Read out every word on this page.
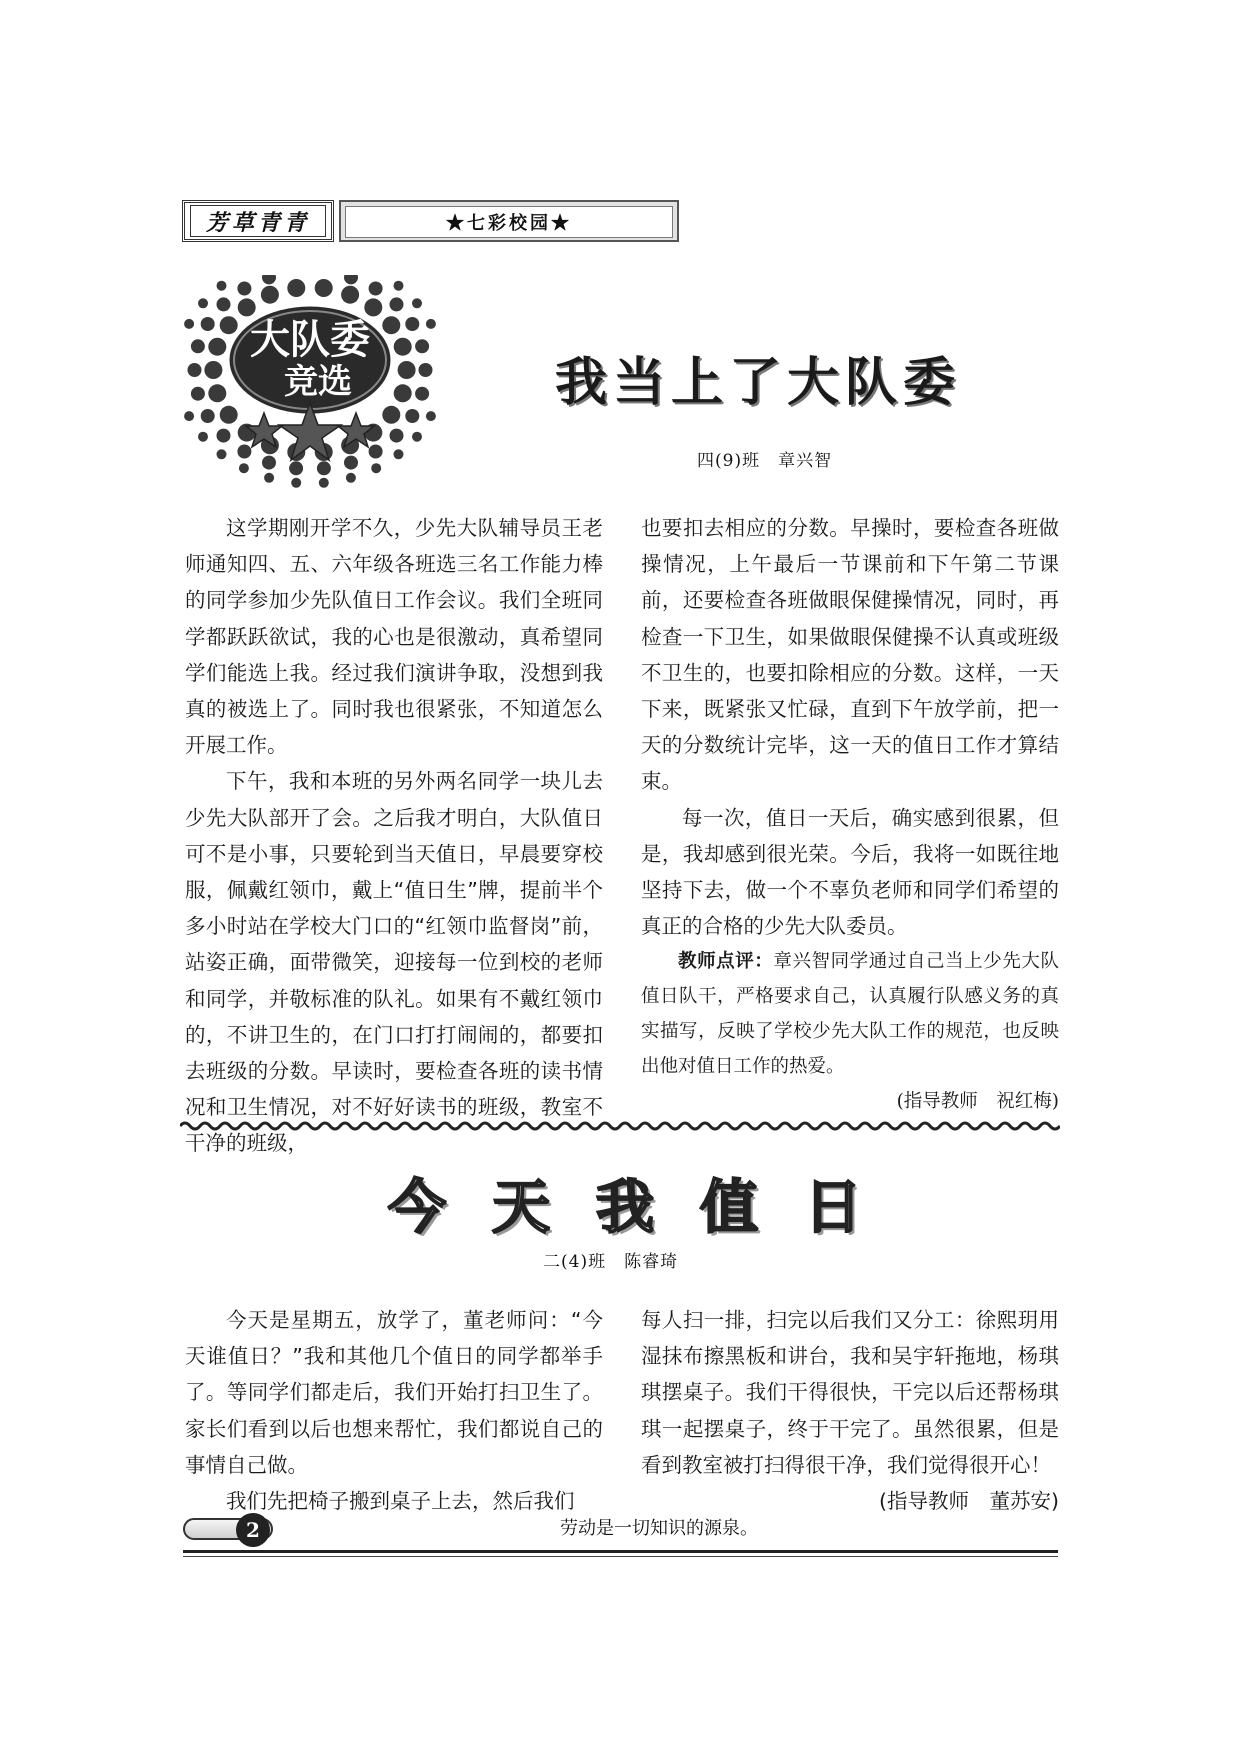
芳草青青	★七彩校园★
大队委
竞选	我当上了大队委
四(9)班　章兴智

这学期刚开学不久，少先大队辅导员王老师通知四、五、六年级各班选三名工作能力棒的同学参加少先队值日工作会议。我们全班同学都跃跃欲试，我的心也是很激动，真希望同学们能选上我。经过我们演讲争取，没想到我真的被选上了。同时我也很紧张，不知道怎么开展工作。

下午，我和本班的另外两名同学一块儿去少先大队部开了会。之后我才明白，大队值日可不是小事，只要轮到当天值日，早晨要穿校服，佩戴红领巾，戴上“值日生”牌，提前半个多小时站在学校大门口的“红领巾监督岗”前，站姿正确，面带微笑，迎接每一位到校的老师和同学，并敬标准的队礼。如果有不戴红领巾的，不讲卫生的，在门口打打闹闹的，都要扣去班级的分数。早读时，要检查各班的读书情况和卫生情况，对不好好读书的班级，教室不干净的班级，

也要扣去相应的分数。早操时，要检查各班做操情况，上午最后一节课前和下午第二节课前，还要检查各班做眼保健操情况，同时，再检查一下卫生，如果做眼保健操不认真或班级不卫生的，也要扣除相应的分数。这样，一天下来，既紧张又忙碌，直到下午放学前，把一天的分数统计完毕，这一天的值日工作才算结束。

每一次，值日一天后，确实感到很累，但是，我却感到很光荣。今后，我将一如既往地坚持下去，做一个不辜负老师和同学们希望的真正的合格的少先大队委员。

教师点评：章兴智同学通过自己当上少先大队值日队干，严格要求自己，认真履行队感义务的真实描写，反映了学校少先大队工作的规范，也反映出他对值日工作的热爱。

(指导教师　祝红梅)
今天我值日
二(4)班　陈睿琦

今天是星期五，放学了，董老师问：“今天谁值日？”我和其他几个值日的同学都举手了。等同学们都走后，我们开始打扫卫生了。家长们看到以后也想来帮忙，我们都说自己的事情自己做。

我们先把椅子搬到桌子上去，然后我们

每人扫一排，扫完以后我们又分工：徐熙玥用湿抹布擦黑板和讲台，我和吴宇轩拖地，杨琪琪摆桌子。我们干得很快，干完以后还帮杨琪琪一起摆桌子，终于干完了。虽然很累，但是看到教室被打扫得很干净，我们觉得很开心！
(指导教师　董苏安)

2	劳动是一切知识的源泉。
